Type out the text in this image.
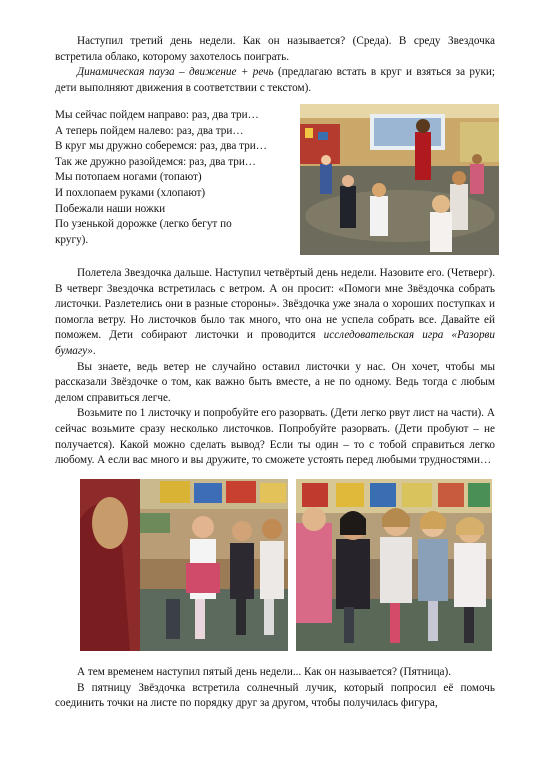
Наступил третий день недели. Как он называется? (Среда). В среду Звездочка встретила облако, которому захотелось поиграть.

Динамическая пауза – движение + речь (предлагаю встать в круг и взяться за руки; дети выполняют движения в соответствии с текстом).

Мы сейчас пойдем направо: раз, два три…
А теперь пойдем налево: раз, два три…
В круг мы дружно соберемся: раз, два три…
Так же дружно разойдемся: раз, два три…
Мы потопаем ногами (топают)
И похлопаем руками (хлопают)
Побежали наши ножки
По узенькой дорожке (легко бегут по
кругу).

Полетела Звездочка дальше. Наступил четвёртый день недели. Назовите его. (Четверг). В четверг Звездочка встретилась с ветром. А он просит: «Помоги мне Звёздочка собрать листочки. Разлетелись они в разные стороны». Звёздочка уже знала о хороших поступках и помогла ветру. Но листочков было так много, что она не успела собрать все. Давайте ей поможем. Дети собирают листочки и проводится исследовательская игра «Разорви бумагу».

Вы знаете, ведь ветер не случайно оставил листочки у нас. Он хочет, чтобы мы рассказали Звёздочке о том, как важно быть вместе, а не по одному. Ведь тогда с любым делом справиться легче.

Возьмите по 1 листочку и попробуйте его разорвать. (Дети легко рвут лист на части). А сейчас возьмите сразу несколько листочков. Попробуйте разорвать. (Дети пробуют – не получается). Какой можно сделать вывод? Если ты один – то с тобой справиться легко любому. А если вас много и вы дружите, то сможете устоять перед любыми трудностями…

А тем временем наступил пятый день недели... Как он называется? (Пятница).

В пятницу Звёздочка встретила солнечный лучик, который попросил её помочь соединить точки на листе по порядку друг за другом, чтобы получилась фигура,
